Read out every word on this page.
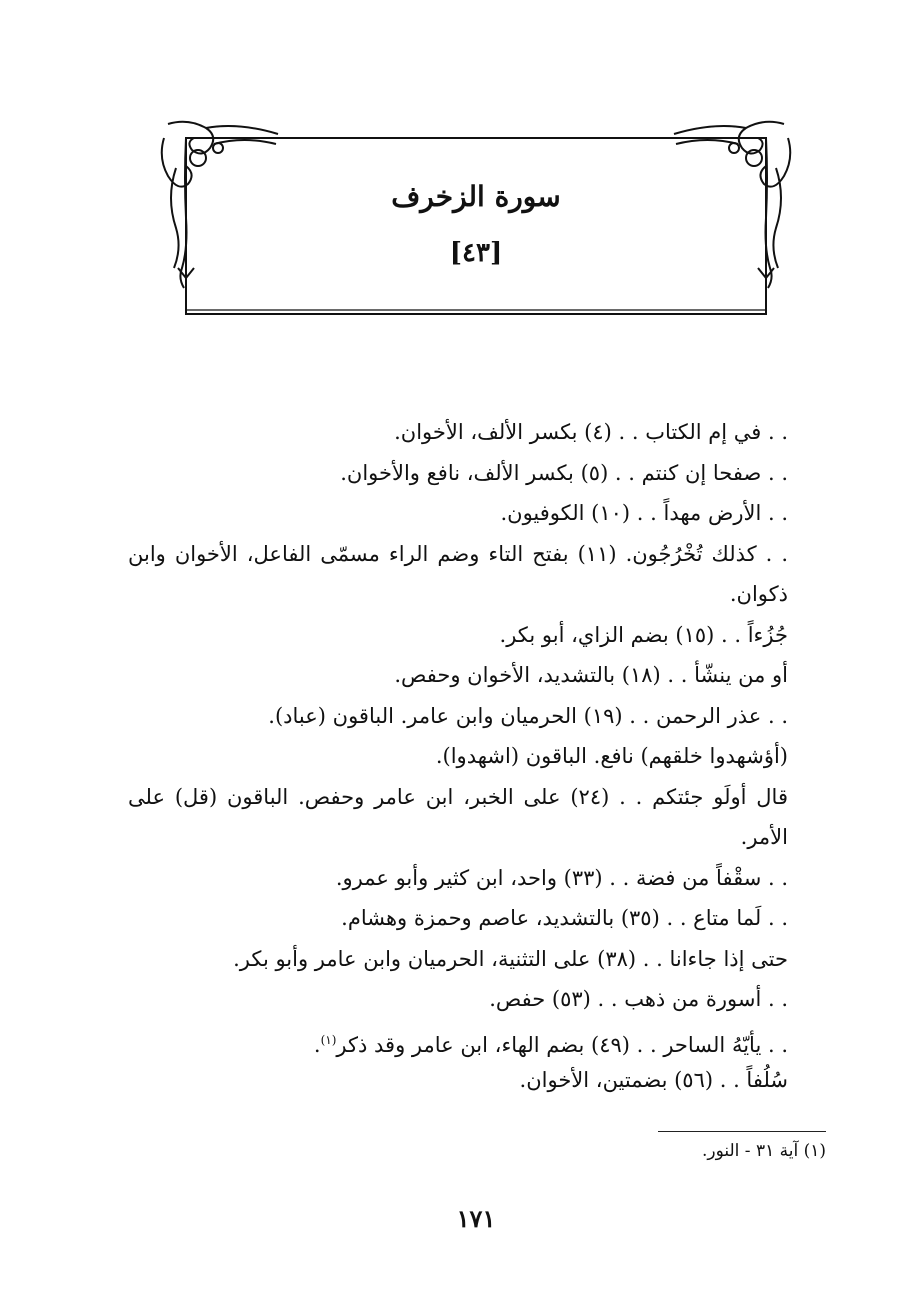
سورة الزخرف
[٤٣]
. . في إم الكتاب . . (٤) بكسر الألف، الأخوان.
. . صفحا إن كنتم . . (٥) بكسر الألف، نافع والأخوان.
. . الأرض مهداً . . (١٠) الكوفيون.
. . كذلك تُخْرُجُون. (١١) بفتح التاء وضم الراء مسمّى الفاعل، الأخوان وابن
ذكوان.
جُزُءاً . . (١٥) بضم الزاي، أبو بكر.
أو من ينشّأ . . (١٨) بالتشديد، الأخوان وحفص.
. . عذر الرحمن . . (١٩) الحرميان وابن عامر. الباقون (عباد).
(أؤشهدوا خلقهم) نافع. الباقون (اشهدوا).
قال أولَو جئتكم . . (٢٤) على الخبر، ابن عامر وحفص. الباقون (قل) على
الأمر.
. . سقْفاً من فضة . . (٣٣) واحد، ابن كثير وأبو عمرو.
. . لَما متاع . . (٣٥) بالتشديد، عاصم وحمزة وهشام.
حتى إذا جاءانا . . (٣٨) على التثنية، الحرميان وابن عامر وأبو بكر.
. . أسورة من ذهب . . (٥٣) حفص.
. . يأيّهُ الساحر . . (٤٩) بضم الهاء، ابن عامر وقد ذكر$^{(١)}$.
سُلُفاً . . (٥٦) بضمتين، الأخوان.
(١) آية ٣١ - النور.
١٧١
